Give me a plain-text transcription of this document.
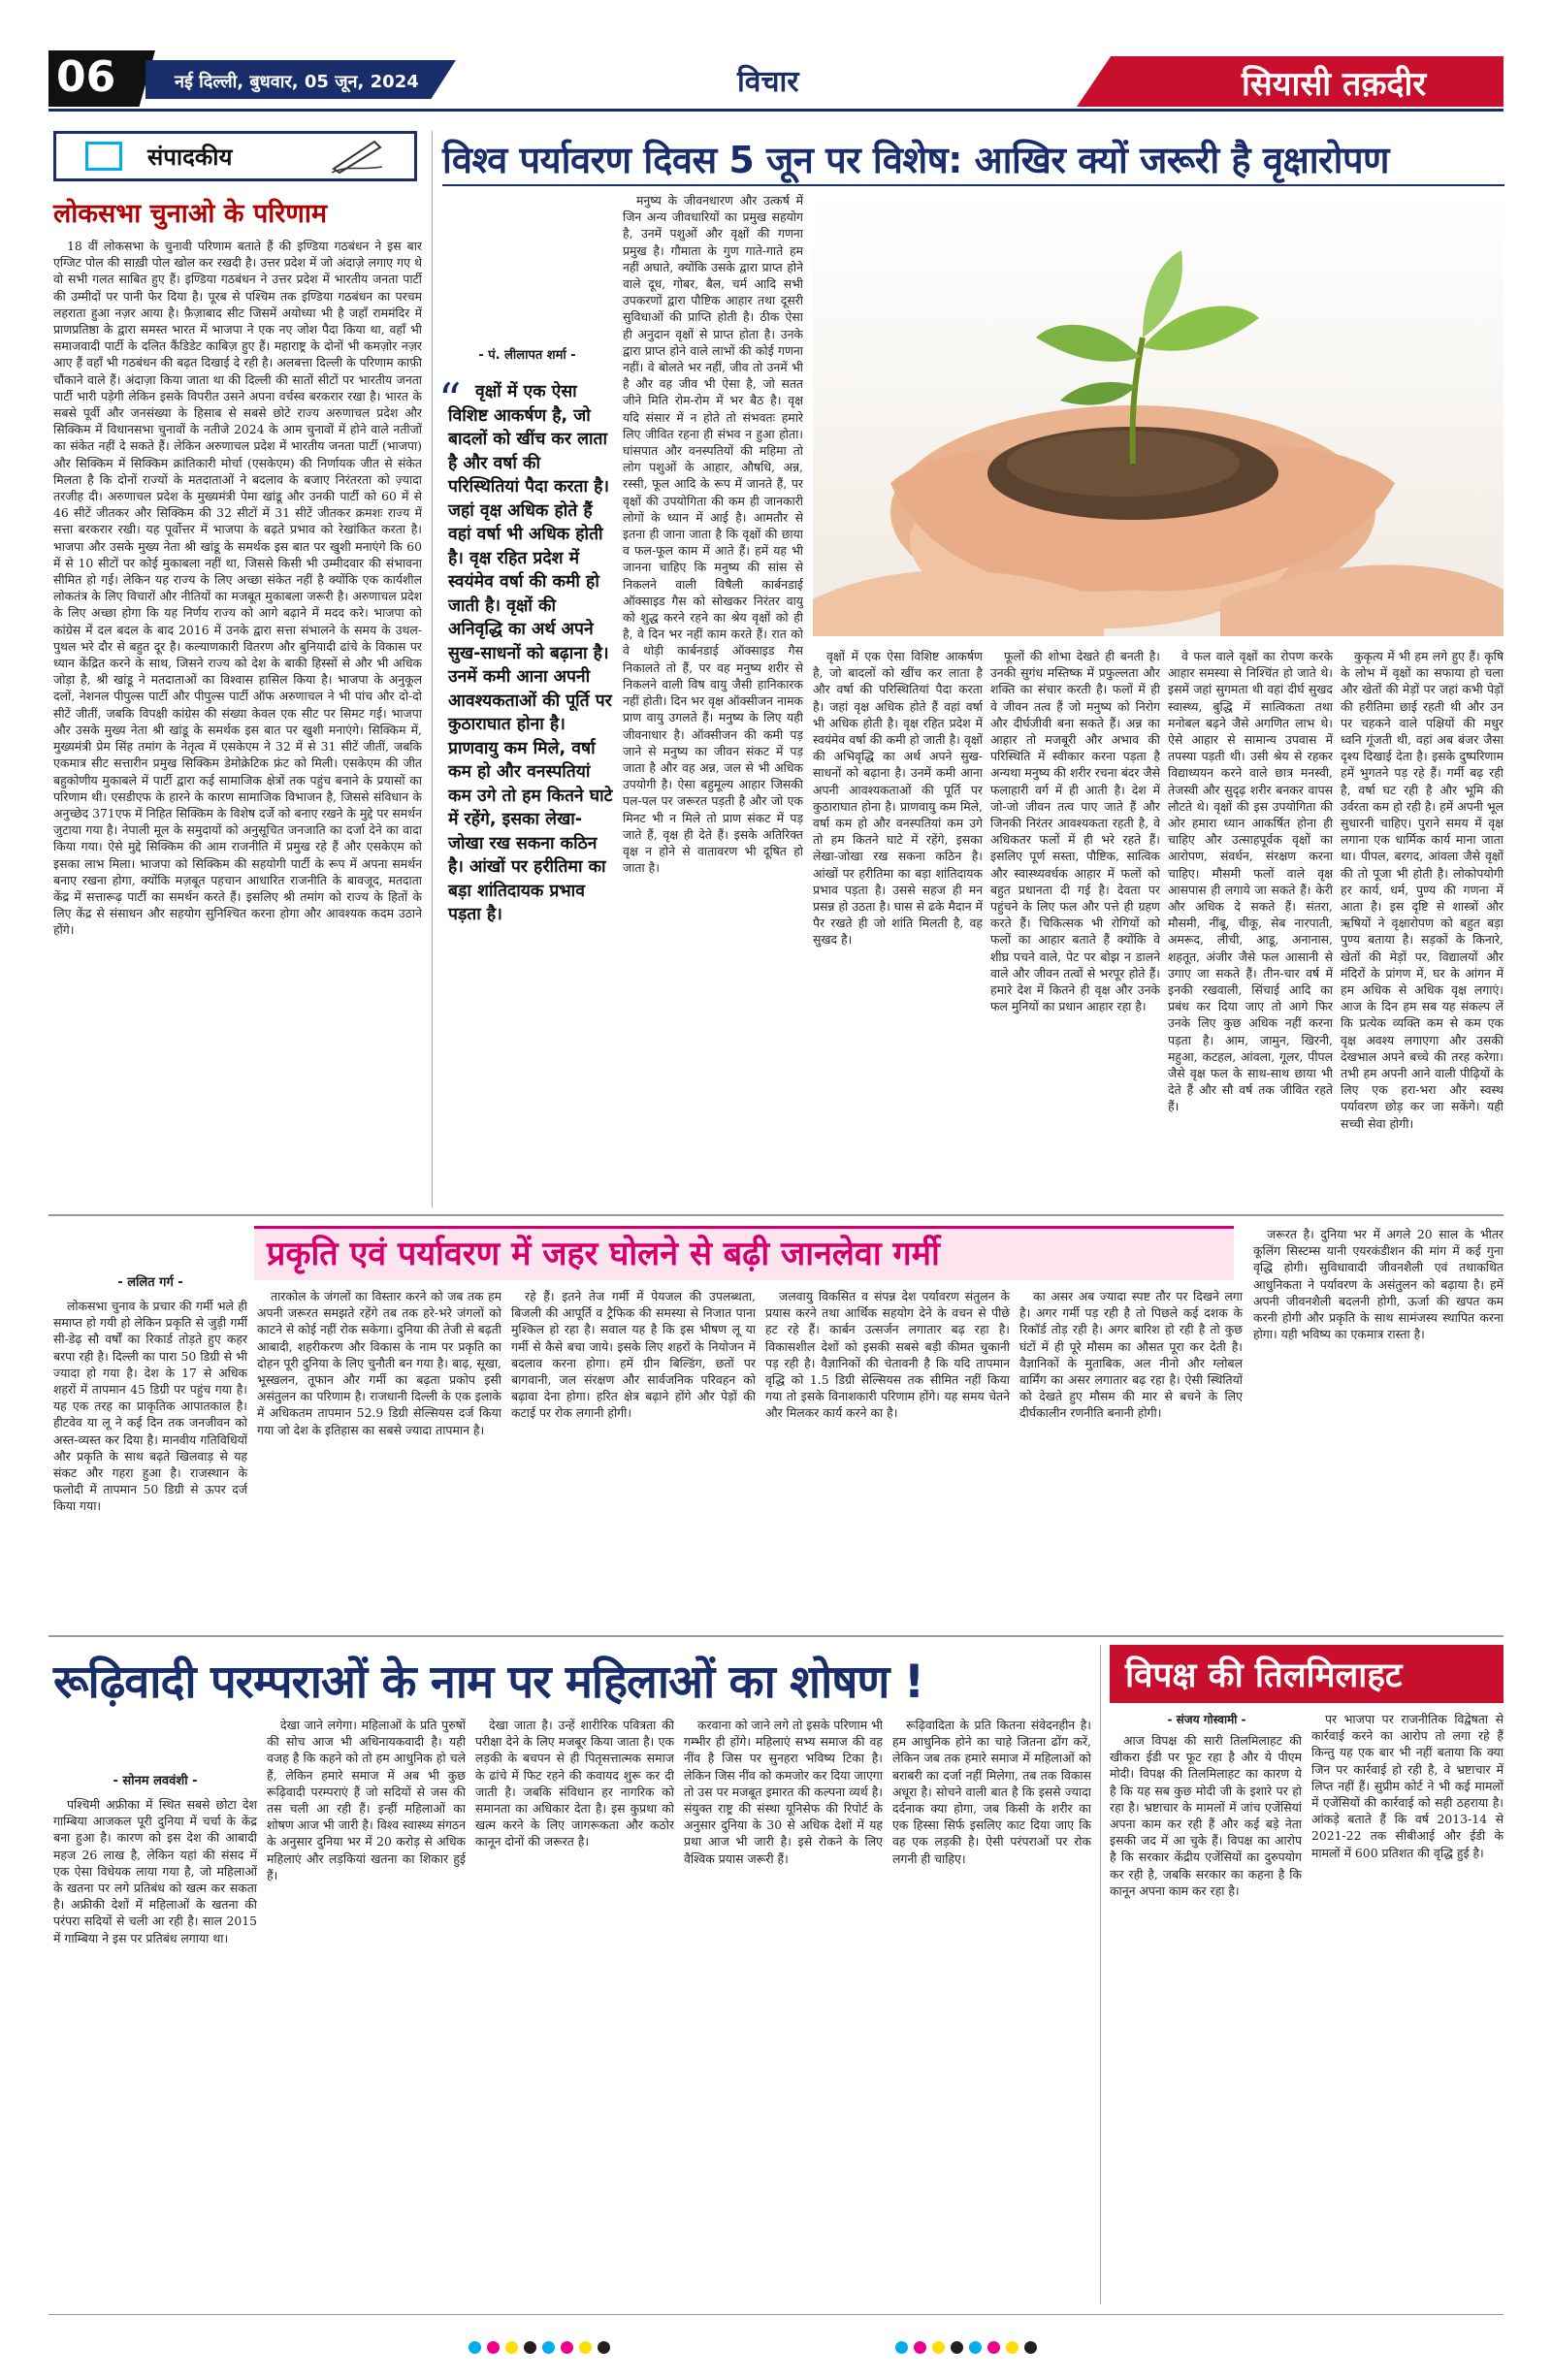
06	नई दिल्ली, बुधवार, 05 जून, 2024	विचार	सियासी तक़दीर
संपादकीय
लोकसभा चुनाओ के परिणाम

18 वीं लोकसभा के चुनावी परिणाम बताते हैं की इण्डिया गठबंधन ने इस बार एग्जिट पोल की साख़ी पोल खोल कर रखदी है। उत्तर प्रदेश में जो अंदाज़े लगाए गए थे वो सभी गलत साबित हुए हैं। इण्डिया गठबंधन ने उत्तर प्रदेश में भारतीय जनता पार्टी की उम्मीदों पर पानी फेर दिया है। पूरब से पश्चिम तक इण्डिया गठबंधन का परचम लहराता हुआ नज़र आया है। फ़ैज़ाबाद सीट जिसमें अयोध्या भी है जहाँ राममंदिर में प्राणप्रतिष्ठा के द्वारा समस्त भारत में भाजपा ने एक नए जोश पैदा किया था, वहाँ भी समाजवादी पार्टी के दलित कैंडिडेट काबिज़ हुए हैं। महाराष्ट्र के दोनों भी कमज़ोर नज़र आए हैं वहाँ भी गठबंधन की बढ़त दिखाई दे रही है। अलबत्ता दिल्ली के परिणाम काफ़ी चौंकाने वाले हैं। अंदाज़ा किया जाता था की दिल्ली की सातों सीटों पर भारतीय जनता पार्टी भारी पड़ेगी लेकिन इसके विपरीत उसने अपना वर्चस्व बरकरार रखा है। भारत के सबसे पूर्वी और जनसंख्या के हिसाब से सबसे छोटे राज्य अरुणाचल प्रदेश और सिक्किम में विधानसभा चुनावों के नतीजे 2024 के आम चुनावों में होने वाले नतीजों का संकेत नहीं दे सकते हैं। लेकिन अरुणाचल प्रदेश में भारतीय जनता पार्टी (भाजपा) और सिक्किम में सिक्किम क्रांतिकारी मोर्चा (एसकेएम) की निर्णायक जीत से संकेत मिलता है कि दोनों राज्यों के मतदाताओं ने बदलाव के बजाए निरंतरता को ज़्यादा तरजीह दी। अरुणाचल प्रदेश के मुख्यमंत्री पेमा खांडू और उनकी पार्टी को 60 में से 46 सीटें जीतकर और सिक्किम की 32 सीटों में 31 सीटें जीतकर क्रमशः राज्य में सत्ता बरकरार रखी। यह पूर्वोत्तर में भाजपा के बढ़ते प्रभाव को रेखांकित करता है। भाजपा और उसके मुख्य नेता श्री खांडू के समर्थक इस बात पर खुशी मनाएंगे कि 60 में से 10 सीटों पर कोई मुकाबला नहीं था, जिससे किसी भी उम्मीदवार की संभावना सीमित हो गई। लेकिन यह राज्य के लिए अच्छा संकेत नहीं है क्योंकि एक कार्यशील लोकतंत्र के लिए विचारों और नीतियों का मजबूत मुकाबला जरूरी है। अरुणाचल प्रदेश के लिए अच्छा होगा कि यह निर्णय राज्य को आगे बढ़ाने में मदद करे। भाजपा को कांग्रेस में दल बदल के बाद 2016 में उनके द्वारा सत्ता संभालने के समय के उथल-पुथल भरे दौर से बहुत दूर है। कल्याणकारी वितरण और बुनियादी ढांचे के विकास पर ध्यान केंद्रित करने के साथ, जिसने राज्य को देश के बाकी हिस्सों से और भी अधिक जोड़ा है, श्री खांडू ने मतदाताओं का विश्वास हासिल किया है। भाजपा के अनुकूल दलों, नेशनल पीपुल्स पार्टी और पीपुल्स पार्टी ऑफ अरुणाचल ने भी पांच और दो-दो सीटें जीतीं, जबकि विपक्षी कांग्रेस की संख्या केवल एक सीट पर सिमट गई। भाजपा और उसके मुख्य नेता श्री खांडू के समर्थक इस बात पर खुशी मनाएंगे। सिक्किम में, मुख्यमंत्री प्रेम सिंह तमांग के नेतृत्व में एसकेएम ने 32 में से 31 सीटें जीतीं, जबकि एकमात्र सीट सत्तारीन प्रमुख सिक्किम डेमोक्रेटिक फ्रंट को मिली। एसकेएम की जीत बहुकोणीय मुकाबले में पार्टी द्वारा कई सामाजिक क्षेत्रों तक पहुंच बनाने के प्रयासों का परिणाम थी। एसडीएफ के हारने के कारण सामाजिक विभाजन है, जिससे संविधान के अनुच्छेद 371एफ में निहित सिक्किम के विशेष दर्जे को बनाए रखने के मुद्दे पर समर्थन जुटाया गया है। नेपाली मूल के समुदायों को अनुसूचित जनजाति का दर्जा देने का वादा किया गया। ऐसे मुद्दे सिक्किम की आम राजनीति में प्रमुख रहे हैं और एसकेएम को इसका लाभ मिला। भाजपा को सिक्किम की सहयोगी पार्टी के रूप में अपना समर्थन बनाए रखना होगा, क्योंकि मज़बूत पहचान आधारित राजनीति के बावजूद, मतदाता केंद्र में सत्तारूढ़ पार्टी का समर्थन करते हैं। इसलिए श्री तमांग को राज्य के हितों के लिए केंद्र से संसाधन और सहयोग सुनिश्चित करना होगा और आवश्यक कदम उठाने होंगे।

विश्व पर्यावरण दिवस 5 जून पर विशेष: आखिर क्यों जरूरी है वृक्षारोपण
- पं. लीलापत शर्मा -
“ वृक्षों में एक ऐसा विशिष्ट आकर्षण है, जो बादलों को खींच कर लाता है और वर्षा की परिस्थितियां पैदा करता है। जहां वृक्ष अधिक होते हैं वहां वर्षा भी अधिक होती है। वृक्ष रहित प्रदेश में स्वयंमेव वर्षा की कमी हो जाती है। वृक्षों की अनिवृद्धि का अर्थ अपने सुख-साधनों को बढ़ाना है। उनमें कमी आना अपनी आवश्यकताओं की पूर्ति पर कुठाराघात होना है। प्राणवायु कम मिले, वर्षा कम हो और वनस्पतियां कम उगे तो हम कितने घाटे में रहेंगे, इसका लेखा-जोखा रख सकना कठिन है। आंखों पर हरीतिमा का बड़ा शांतिदायक प्रभाव पड़ता है।

मनुष्य के जीवनधारण और उत्कर्ष में जिन अन्य जीवधारियों का प्रमुख सहयोग है, उनमें पशुओं और वृक्षों की गणना प्रमुख है। गौमाता के गुण गाते-गाते हम नहीं अघाते, क्योंकि उसके द्वारा प्राप्त होने वाले दूध, गोबर, बैल, चर्म आदि सभी उपकरणों द्वारा पौष्टिक आहार तथा दूसरी सुविधाओं की प्राप्ति होती है। ठीक ऐसा ही अनुदान वृक्षों से प्राप्त होता है। उनके द्वारा प्राप्त होने वाले लाभों की कोई गणना नहीं। वे बोलते भर नहीं, जीव तो उनमें भी है और वह जीव भी ऐसा है, जो सतत जीने मिति रोम-रोम में भर बैठ है। वृक्ष यदि संसार में न होते तो संभवतः हमारे लिए जीवित रहना ही संभव न हुआ होता। घांसपात और वनस्पतियों की महिमा तो लोग पशुओं के आहार, औषधि, अन्न, रस्सी, फूल आदि के रूप में जानते हैं, पर वृक्षों की उपयोगिता की कम ही जानकारी लोगों के ध्यान में आई है। आमतौर से इतना ही जाना जाता है कि वृक्षों की छाया व फल-फूल काम में आते हैं। हमें यह भी जानना चाहिए कि मनुष्य की सांस से निकलने वाली विषैली कार्बनडाई ऑक्साइड गैस को सोखकर निरंतर वायु को शुद्ध करने रहने का श्रेय वृक्षों को ही है, वे दिन भर नहीं काम करते हैं। रात को वे थोड़ी कार्बनडाई ऑक्साइड गैस निकालते तो हैं, पर वह मनुष्य शरीर से निकलने वाली विष वायु जैसी हानिकारक नहीं होती। दिन भर वृक्ष ऑक्सीजन नामक प्राण वायु उगलते हैं। मनुष्य के लिए यही जीवनाधार है। ऑक्सीजन की कमी पड़ जाने से मनुष्य का जीवन संकट में पड़ जाता है और वह अन्न, जल से भी अधिक उपयोगी है। ऐसा बहुमूल्य आहार जिसकी पल-पल पर जरूरत पड़ती है और जो एक मिनट भी न मिले तो प्राण संकट में पड़ जाते हैं, वृक्ष ही देते हैं। इसके अतिरिक्त वृक्ष न होने से वातावरण भी दूषित हो जाता है।

वृक्षों में एक ऐसा विशिष्ट आकर्षण है, जो बादलों को खींच कर लाता है और वर्षा की परिस्थितियां पैदा करता है। जहां वृक्ष अधिक होते हैं वहां वर्षा भी अधिक होती है। वृक्ष रहित प्रदेश में स्वयंमेव वर्षा की कमी हो जाती है। वृक्षों की अभिवृद्धि का अर्थ अपने सुख-साधनों को बढ़ाना है। उनमें कमी आना अपनी आवश्यकताओं की पूर्ति पर कुठाराघात होना है। प्राणवायु कम मिले, वर्षा कम हो और वनस्पतियां कम उगे तो हम कितने घाटे में रहेंगे, इसका लेखा-जोखा रख सकना कठिन है। आंखों पर हरीतिमा का बड़ा शांतिदायक प्रभाव पड़ता है। उससे सहज ही मन प्रसन्न हो उठता है। घास से ढके मैदान में पैर रखते ही जो शांति मिलती है, वह सुखद है।

फूलों की शोभा देखते ही बनती है। उनकी सुगंध मस्तिष्क में प्रफुल्लता और शक्ति का संचार करती है। फलों में ही वे जीवन तत्व हैं जो मनुष्य को निरोग और दीर्घजीवी बना सकते हैं। अन्न का आहार तो मजबूरी और अभाव की परिस्थिति में स्वीकार करना पड़ता है अन्यथा मनुष्य की शरीर रचना बंदर जैसे फलाहारी वर्ग में ही आती है। देश में जो-जो जीवन तत्व पाए जाते हैं और जिनकी निरंतर आवश्यकता रहती है, वे अधिकतर फलों में ही भरे रहते हैं। इसलिए पूर्ण सस्ता, पौष्टिक, सात्विक और स्वास्थ्यवर्धक आहार में फलों को बहुत प्रधानता दी गई है। देवता पर पहुंचने के लिए फल और पत्ते ही ग्रहण करते हैं। चिकित्सक भी रोगियों को फलों का आहार बताते हैं क्योंकि वे शीघ्र पचने वाले, पेट पर बोझ न डालने वाले और जीवन तत्वों से भरपूर होते हैं। हमारे देश में कितने ही वृक्ष और उनके फल मुनियों का प्रधान आहार रहा है।

वे फल वाले वृक्षों का रोपण करके आहार समस्या से निश्चिंत हो जाते थे। इसमें जहां सुगमता थी वहां दीर्घ सुखद स्वास्थ्य, बुद्धि में सात्विकता तथा मनोबल बढ़ने जैसे अगणित लाभ थे। ऐसे आहार से सामान्य उपवास में तपस्या पड़ती थी। उसी श्रेय से रहकर विद्याध्ययन करने वाले छात्र मनस्वी, तेजस्वी और सुदृढ़ शरीर बनकर वापस लौटते थे। वृक्षों की इस उपयोगिता की ओर हमारा ध्यान आकर्षित होना ही चाहिए और उत्साहपूर्वक वृक्षों का आरोपण, संवर्धन, संरक्षण करना चाहिए। मौसमी फलों वाले वृक्ष आसपास ही लगाये जा सकते हैं। केरी और अधिक दे सकते हैं। संतरा, मौसमी, नींबू, चीकू, सेब नारपाती, अमरूद, लीची, आडू, अनानास, शहतूत, अंजीर जैसे फल आसानी से उगाए जा सकते हैं। तीन-चार वर्ष में इनकी रखवाली, सिंचाई आदि का प्रबंध कर दिया जाए तो आगे फिर उनके लिए कुछ अधिक नहीं करना पड़ता है। आम, जामुन, खिरनी, महुआ, कटहल, आंवला, गूलर, पीपल जैसे वृक्ष फल के साथ-साथ छाया भी देते हैं और सौ वर्ष तक जीवित रहते हैं।

कुकृत्य में भी हम लगे हुए हैं। कृषि के लोभ में वृक्षों का सफाया हो चला और खेतों की मेड़ों पर जहां कभी पेड़ों की हरीतिमा छाई रहती थी और उन पर चहकने वाले पक्षियों की मधुर ध्वनि गूंजती थी, वहां अब बंजर जैसा दृश्य दिखाई देता है। इसके दुष्परिणाम हमें भुगतने पड़ रहे हैं। गर्मी बढ़ रही है, वर्षा घट रही है और भूमि की उर्वरता कम हो रही है। हमें अपनी भूल सुधारनी चाहिए। पुराने समय में वृक्ष लगाना एक धार्मिक कार्य माना जाता था। पीपल, बरगद, आंवला जैसे वृक्षों की तो पूजा भी होती है। लोकोपयोगी हर कार्य, धर्म, पुण्य की गणना में आता है। इस दृष्टि से शास्त्रों और ऋषियों ने वृक्षारोपण को बहुत बड़ा पुण्य बताया है। सड़कों के किनारे, खेतों की मेड़ों पर, विद्यालयों और मंदिरों के प्रांगण में, घर के आंगन में हम अधिक से अधिक वृक्ष लगाएं। आज के दिन हम सब यह संकल्प लें कि प्रत्येक व्यक्ति कम से कम एक वृक्ष अवश्य लगाएगा और उसकी देखभाल अपने बच्चे की तरह करेगा। तभी हम अपनी आने वाली पीढ़ियों के लिए एक हरा-भरा और स्वस्थ पर्यावरण छोड़ कर जा सकेंगे। यही सच्ची सेवा होगी।

प्रकृति एवं पर्यावरण में जहर घोलने से बढ़ी जानलेवा गर्मी
- ललित गर्ग -

लोकसभा चुनाव के प्रचार की गर्मी भले ही समाप्त हो गयी हो लेकिन प्रकृति से जुड़ी गर्मी सी-डेढ़ सौ वर्षों का रिकार्ड तोड़ते हुए कहर बरपा रही है। दिल्ली का पारा 50 डिग्री से भी ज्यादा हो गया है। देश के 17 से अधिक शहरों में तापमान 45 डिग्री पर पहुंच गया है। यह एक तरह का प्राकृतिक आपातकाल है। हीटवेव या लू ने कई दिन तक जनजीवन को अस्त-व्यस्त कर दिया है। मानवीय गतिविधियों और प्रकृति के साथ बढ़ते खिलवाड़ से यह संकट और गहरा हुआ है। राजस्थान के फलोदी में तापमान 50 डिग्री से ऊपर दर्ज किया गया।

तारकोल के जंगलों का विस्तार करने को जब तक हम अपनी जरूरत समझते रहेंगे तब तक हरे-भरे जंगलों को काटने से कोई नहीं रोक सकेगा। दुनिया की तेजी से बढ़ती आबादी, शहरीकरण और विकास के नाम पर प्रकृति का दोहन पूरी दुनिया के लिए चुनौती बन गया है। बाढ़, सूखा, भूस्खलन, तूफान और गर्मी का बढ़ता प्रकोप इसी असंतुलन का परिणाम है। राजधानी दिल्ली के एक इलाके में अधिकतम तापमान 52.9 डिग्री सेल्सियस दर्ज किया गया जो देश के इतिहास का सबसे ज्यादा तापमान है।

रहे हैं। इतने तेज गर्मी में पेयजल की उपलब्धता, बिजली की आपूर्ति व ट्रैफिक की समस्या से निजात पाना मुश्किल हो रहा है। सवाल यह है कि इस भीषण लू या गर्मी से कैसे बचा जाये। इसके लिए शहरों के नियोजन में बदलाव करना होगा। हमें ग्रीन बिल्डिंग, छतों पर बागवानी, जल संरक्षण और सार्वजनिक परिवहन को बढ़ावा देना होगा। हरित क्षेत्र बढ़ाने होंगे और पेड़ों की कटाई पर रोक लगानी होगी।

जलवायु विकसित व संपन्न देश पर्यावरण संतुलन के प्रयास करने तथा आर्थिक सहयोग देने के वचन से पीछे हट रहे हैं। कार्बन उत्सर्जन लगातार बढ़ रहा है। विकासशील देशों को इसकी सबसे बड़ी कीमत चुकानी पड़ रही है। वैज्ञानिकों की चेतावनी है कि यदि तापमान वृद्धि को 1.5 डिग्री सेल्सियस तक सीमित नहीं किया गया तो इसके विनाशकारी परिणाम होंगे। यह समय चेतने और मिलकर कार्य करने का है।

का असर अब ज्यादा स्पष्ट तौर पर दिखने लगा है। अगर गर्मी पड़ रही है तो पिछले कई दशक के रिकॉर्ड तोड़ रही है। अगर बारिश हो रही है तो कुछ घंटों में ही पूरे मौसम का औसत पूरा कर देती है। वैज्ञानिकों के मुताबिक, अल नीनो और ग्लोबल वार्मिंग का असर लगातार बढ़ रहा है। ऐसी स्थितियों को देखते हुए मौसम की मार से बचने के लिए दीर्घकालीन रणनीति बनानी होगी।

जरूरत है। दुनिया भर में अगले 20 साल के भीतर कूलिंग सिस्टम्स यानी एयरकंडीशन की मांग में कई गुना वृद्धि होगी। सुविधावादी जीवनशैली एवं तथाकथित आधुनिकता ने पर्यावरण के असंतुलन को बढ़ाया है। हमें अपनी जीवनशैली बदलनी होगी, ऊर्जा की खपत कम करनी होगी और प्रकृति के साथ सामंजस्य स्थापित करना होगा। यही भविष्य का एकमात्र रास्ता है।

रूढ़िवादी परम्पराओं के नाम पर महिलाओं का शोषण !
- सोनम लववंशी -

पश्चिमी अफ्रीका में स्थित सबसे छोटा देश गाम्बिया आजकल पूरी दुनिया में चर्चा के केंद्र बना हुआ है। कारण को इस देश की आबादी महज 26 लाख है, लेकिन यहां की संसद में एक ऐसा विधेयक लाया गया है, जो महिलाओं के खतना पर लगे प्रतिबंध को खत्म कर सकता है। अफ्रीकी देशों में महिलाओं के खतना की परंपरा सदियों से चली आ रही है। साल 2015 में गाम्बिया ने इस पर प्रतिबंध लगाया था।

देखा जाने लगेगा। महिलाओं के प्रति पुरुषों की सोच आज भी अधिनायकवादी है। यही वजह है कि कहने को तो हम आधुनिक हो चले हैं, लेकिन हमारे समाज में अब भी कुछ रूढ़िवादी परम्पराएं हैं जो सदियों से जस की तस चली आ रही हैं। इन्हीं महिलाओं का शोषण आज भी जारी है। विश्व स्वास्थ्य संगठन के अनुसार दुनिया भर में 20 करोड़ से अधिक महिलाएं और लड़कियां खतना का शिकार हुई हैं।

देखा जाता है। उन्हें शारीरिक पवित्रता की परीक्षा देने के लिए मजबूर किया जाता है। एक लड़की के बचपन से ही पितृसत्तात्मक समाज के ढांचे में फिट रहने की कवायद शुरू कर दी जाती है। जबकि संविधान हर नागरिक को समानता का अधिकार देता है। इस कुप्रथा को खत्म करने के लिए जागरूकता और कठोर कानून दोनों की जरूरत है।

करवाना को जाने लगे तो इसके परिणाम भी गम्भीर ही होंगे। महिलाएं सभ्य समाज की वह नींव है जिस पर सुनहरा भविष्य टिका है। लेकिन जिस नींव को कमजोर कर दिया जाएगा तो उस पर मजबूत इमारत की कल्पना व्यर्थ है। संयुक्त राष्ट्र की संस्था यूनिसेफ की रिपोर्ट के अनुसार दुनिया के 30 से अधिक देशों में यह प्रथा आज भी जारी है। इसे रोकने के लिए वैश्विक प्रयास जरूरी हैं।

रूढ़िवादिता के प्रति कितना संवेदनहीन है। हम आधुनिक होने का चाहे जितना ढोंग करें, लेकिन जब तक हमारे समाज में महिलाओं को बराबरी का दर्जा नहीं मिलेगा, तब तक विकास अधूरा है। सोचने वाली बात है कि इससे ज्यादा दर्दनाक क्या होगा, जब किसी के शरीर का एक हिस्सा सिर्फ इसलिए काट दिया जाए कि वह एक लड़की है। ऐसी परंपराओं पर रोक लगनी ही चाहिए।

विपक्ष की तिलमिलाहट
- संजय गोस्वामी -

आज विपक्ष की सारी तिलमिलाहट की खीकरा ईडी पर फूट रहा है और ये पीएम मोदी। विपक्ष की तिलमिलाहट का कारण ये है कि यह सब कुछ मोदी जी के इशारे पर हो रहा है। भ्रष्टाचार के मामलों में जांच एजेंसियां अपना काम कर रही हैं और कई बड़े नेता इसकी जद में आ चुके हैं। विपक्ष का आरोप है कि सरकार केंद्रीय एजेंसियों का दुरुपयोग कर रही है, जबकि सरकार का कहना है कि कानून अपना काम कर रहा है।

पर भाजपा पर राजनीतिक विद्वेषता से कार्रवाई करने का आरोप तो लगा रहे हैं किन्तु यह एक बार भी नहीं बताया कि क्या जिन पर कार्रवाई हो रही है, वे भ्रष्टाचार में लिप्त नहीं हैं। सुप्रीम कोर्ट ने भी कई मामलों में एजेंसियों की कार्रवाई को सही ठहराया है। आंकड़े बताते हैं कि वर्ष 2013-14 से 2021-22 तक सीबीआई और ईडी के मामलों में 600 प्रतिशत की वृद्धि हुई है।
